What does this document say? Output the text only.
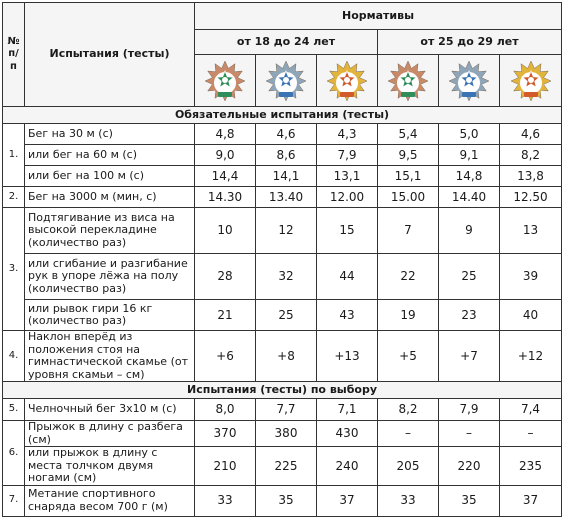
№ п/п	Испытания (тесты)	Нормативы					
		от 18 до 24 лет			от 25 до 29 лет		

Обязательные испытания (тесты)							
1.	Бег на 30 м (с)	4,8	4,6	4,3	5,4	5,0	4,6
	или бег на 60 м (с)	9,0	8,6	7,9	9,5	9,1	8,2
	или бег на 100 м (с)	14,4	14,1	13,1	15,1	14,8	13,8
2.	Бег на 3000 м (мин, с)	14.30	13.40	12.00	15.00	14.40	12.50
3.	Подтягивание из виса на высокой перекладине (количество раз)	10	12	15	7	9	13
	или сгибание и разгибание рук в упоре лёжа на полу (количество раз)	28	32	44	22	25	39
	или рывок гири 16 кг (количество раз)	21	25	43	19	23	40
4.	Наклон вперёд из положения стоя на гимнастической скамье (от уровня скамьи – см)	+6	+8	+13	+5	+7	+12
Испытания (тесты) по выбору							
5.	Челночный бег 3х10 м (с)	8,0	7,7	7,1	8,2	7,9	7,4
6.	Прыжок в длину с разбега (см)	370	380	430	–	–	–
	или прыжок в длину с места толчком двумя ногами (см)	210	225	240	205	220	235
7.	Метание спортивного снаряда весом 700 г (м)	33	35	37	33	35	37
